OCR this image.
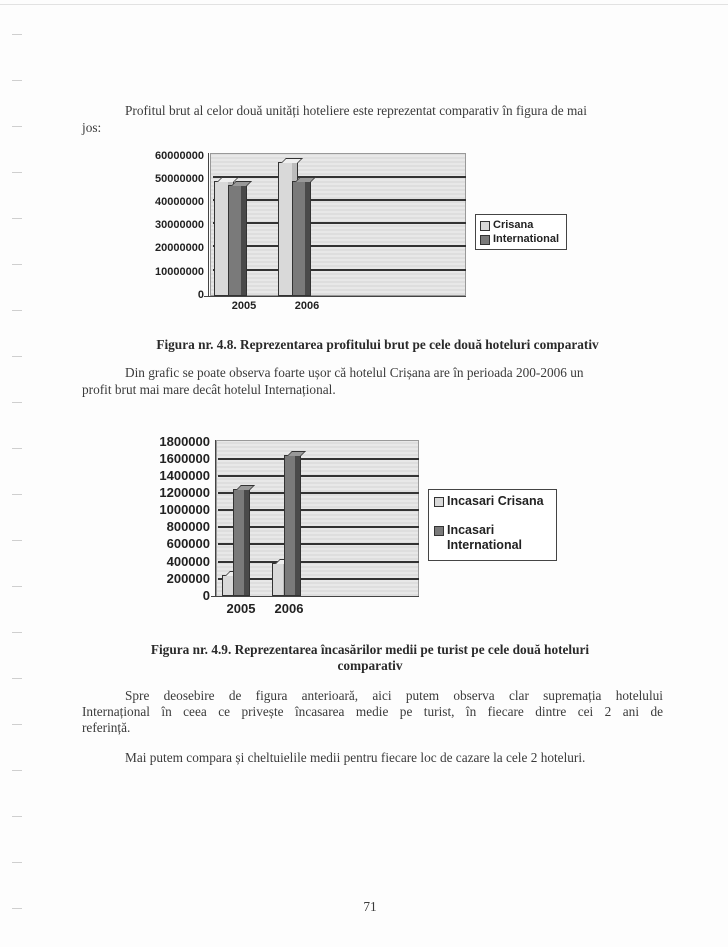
Profitul brut al celor două unități hoteliere este reprezentat comparativ în figura de mai
jos:
60000000
50000000
40000000
30000000
20000000
10000000
0
2005	2006
Crisana
International
Figura nr. 4.8. Reprezentarea profitului brut pe cele două hoteluri comparativ
Din grafic se poate observa foarte ușor că hotelul Crișana are în perioada 200-2006 un
profit brut mai mare decât hotelul Internațional.
1800000
1600000
1400000
1200000
1000000
800000
600000
400000
200000
0
2005	2006
Incasari Crisana
Incasari International
Figura nr. 4.9. Reprezentarea încasărilor medii pe turist pe cele două hoteluri
comparativ
Spre deosebire de figura anterioară, aici putem observa clar supremația hotelului
Internațional în ceea ce privește încasarea medie pe turist, în fiecare dintre cei 2 ani de
referință.
Mai putem compara și cheltuielile medii pentru fiecare loc de cazare la cele 2 hoteluri.
71
